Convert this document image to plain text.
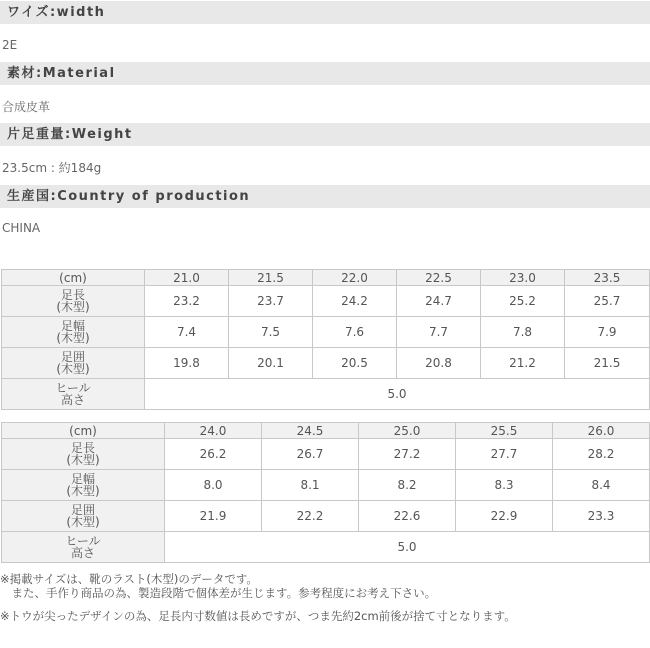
ワイズ:width
2E
素材:Material
合成皮革
片足重量:Weight
23.5cm : 約184g
生産国:Country of production
CHINA
(cm)	21.0	21.5	22.0	22.5	23.0	23.5
足長
(木型)	23.2	23.7	24.2	24.7	25.2	25.7
足幅
(木型)	7.4	7.5	7.6	7.7	7.8	7.9
足囲
(木型)	19.8	20.1	20.5	20.8	21.2	21.5
ヒール
高さ	5.0					
(cm)	24.0	24.5	25.0	25.5	26.0
足長
(木型)	26.2	26.7	27.2	27.7	28.2
足幅
(木型)	8.0	8.1	8.2	8.3	8.4
足囲
(木型)	21.9	22.2	22.6	22.9	23.3
ヒール
高さ	5.0				
※掲載サイズは、靴のラスト(木型)のデータです。
　また、手作り商品の為、製造段階で個体差が生じます。参考程度にお考え下さい。
※トウが尖ったデザインの為、足長内寸数値は長めですが、つま先約2cm前後が捨て寸となります。
